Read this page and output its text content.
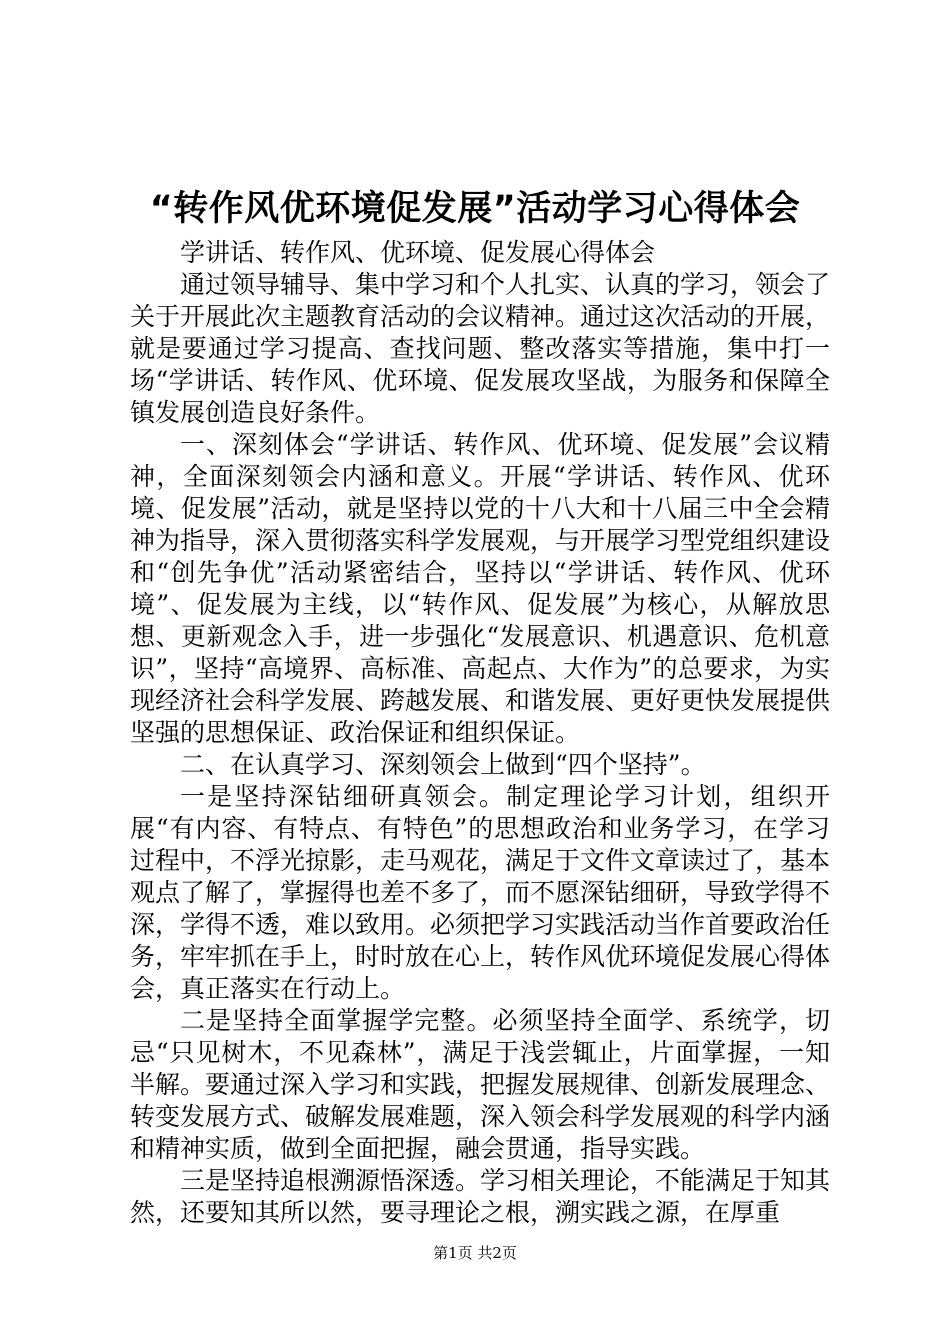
“转作风优环境促发展”活动学习心得体会

学讲话、转作风、优环境、促发展心得体会

通过领导辅导、集中学习和个人扎实、认真的学习，领会了关于开展此次主题教育活动的会议精神。通过这次活动的开展，就是要通过学习提高、查找问题、整改落实等措施，集中打一场“学讲话、转作风、优环境、促发展攻坚战，为服务和保障全镇发展创造良好条件。

一、深刻体会“学讲话、转作风、优环境、促发展”会议精神，全面深刻领会内涵和意义。开展“学讲话、转作风、优环境、促发展”活动，就是坚持以党的十八大和十八届三中全会精神为指导，深入贯彻落实科学发展观，与开展学习型党组织建设和“创先争优”活动紧密结合，坚持以“学讲话、转作风、优环境”、促发展为主线，以“转作风、促发展”为核心，从解放思想、更新观念入手，进一步强化“发展意识、机遇意识、危机意识”，坚持“高境界、高标准、高起点、大作为”的总要求，为实现经济社会科学发展、跨越发展、和谐发展、更好更快发展提供坚强的思想保证、政治保证和组织保证。

二、在认真学习、深刻领会上做到“四个坚持”。

一是坚持深钻细研真领会。制定理论学习计划，组织开展“有内容、有特点、有特色”的思想政治和业务学习，在学习过程中，不浮光掠影，走马观花，满足于文件文章读过了，基本观点了解了，掌握得也差不多了，而不愿深钻细研，导致学得不深，学得不透，难以致用。必须把学习实践活动当作首要政治任务，牢牢抓在手上，时时放在心上，转作风优环境促发展心得体会，真正落实在行动上。

二是坚持全面掌握学完整。必须坚持全面学、系统学，切忌“只见树木，不见森林”，满足于浅尝辄止，片面掌握，一知半解。要通过深入学习和实践，把握发展规律、创新发展理念、转变发展方式、破解发展难题，深入领会科学发展观的科学内涵和精神实质，做到全面把握，融会贯通，指导实践。

三是坚持追根溯源悟深透。学习相关理论，不能满足于知其然，还要知其所以然，要寻理论之根，溯实践之源，在厚重

第1页 共2页
